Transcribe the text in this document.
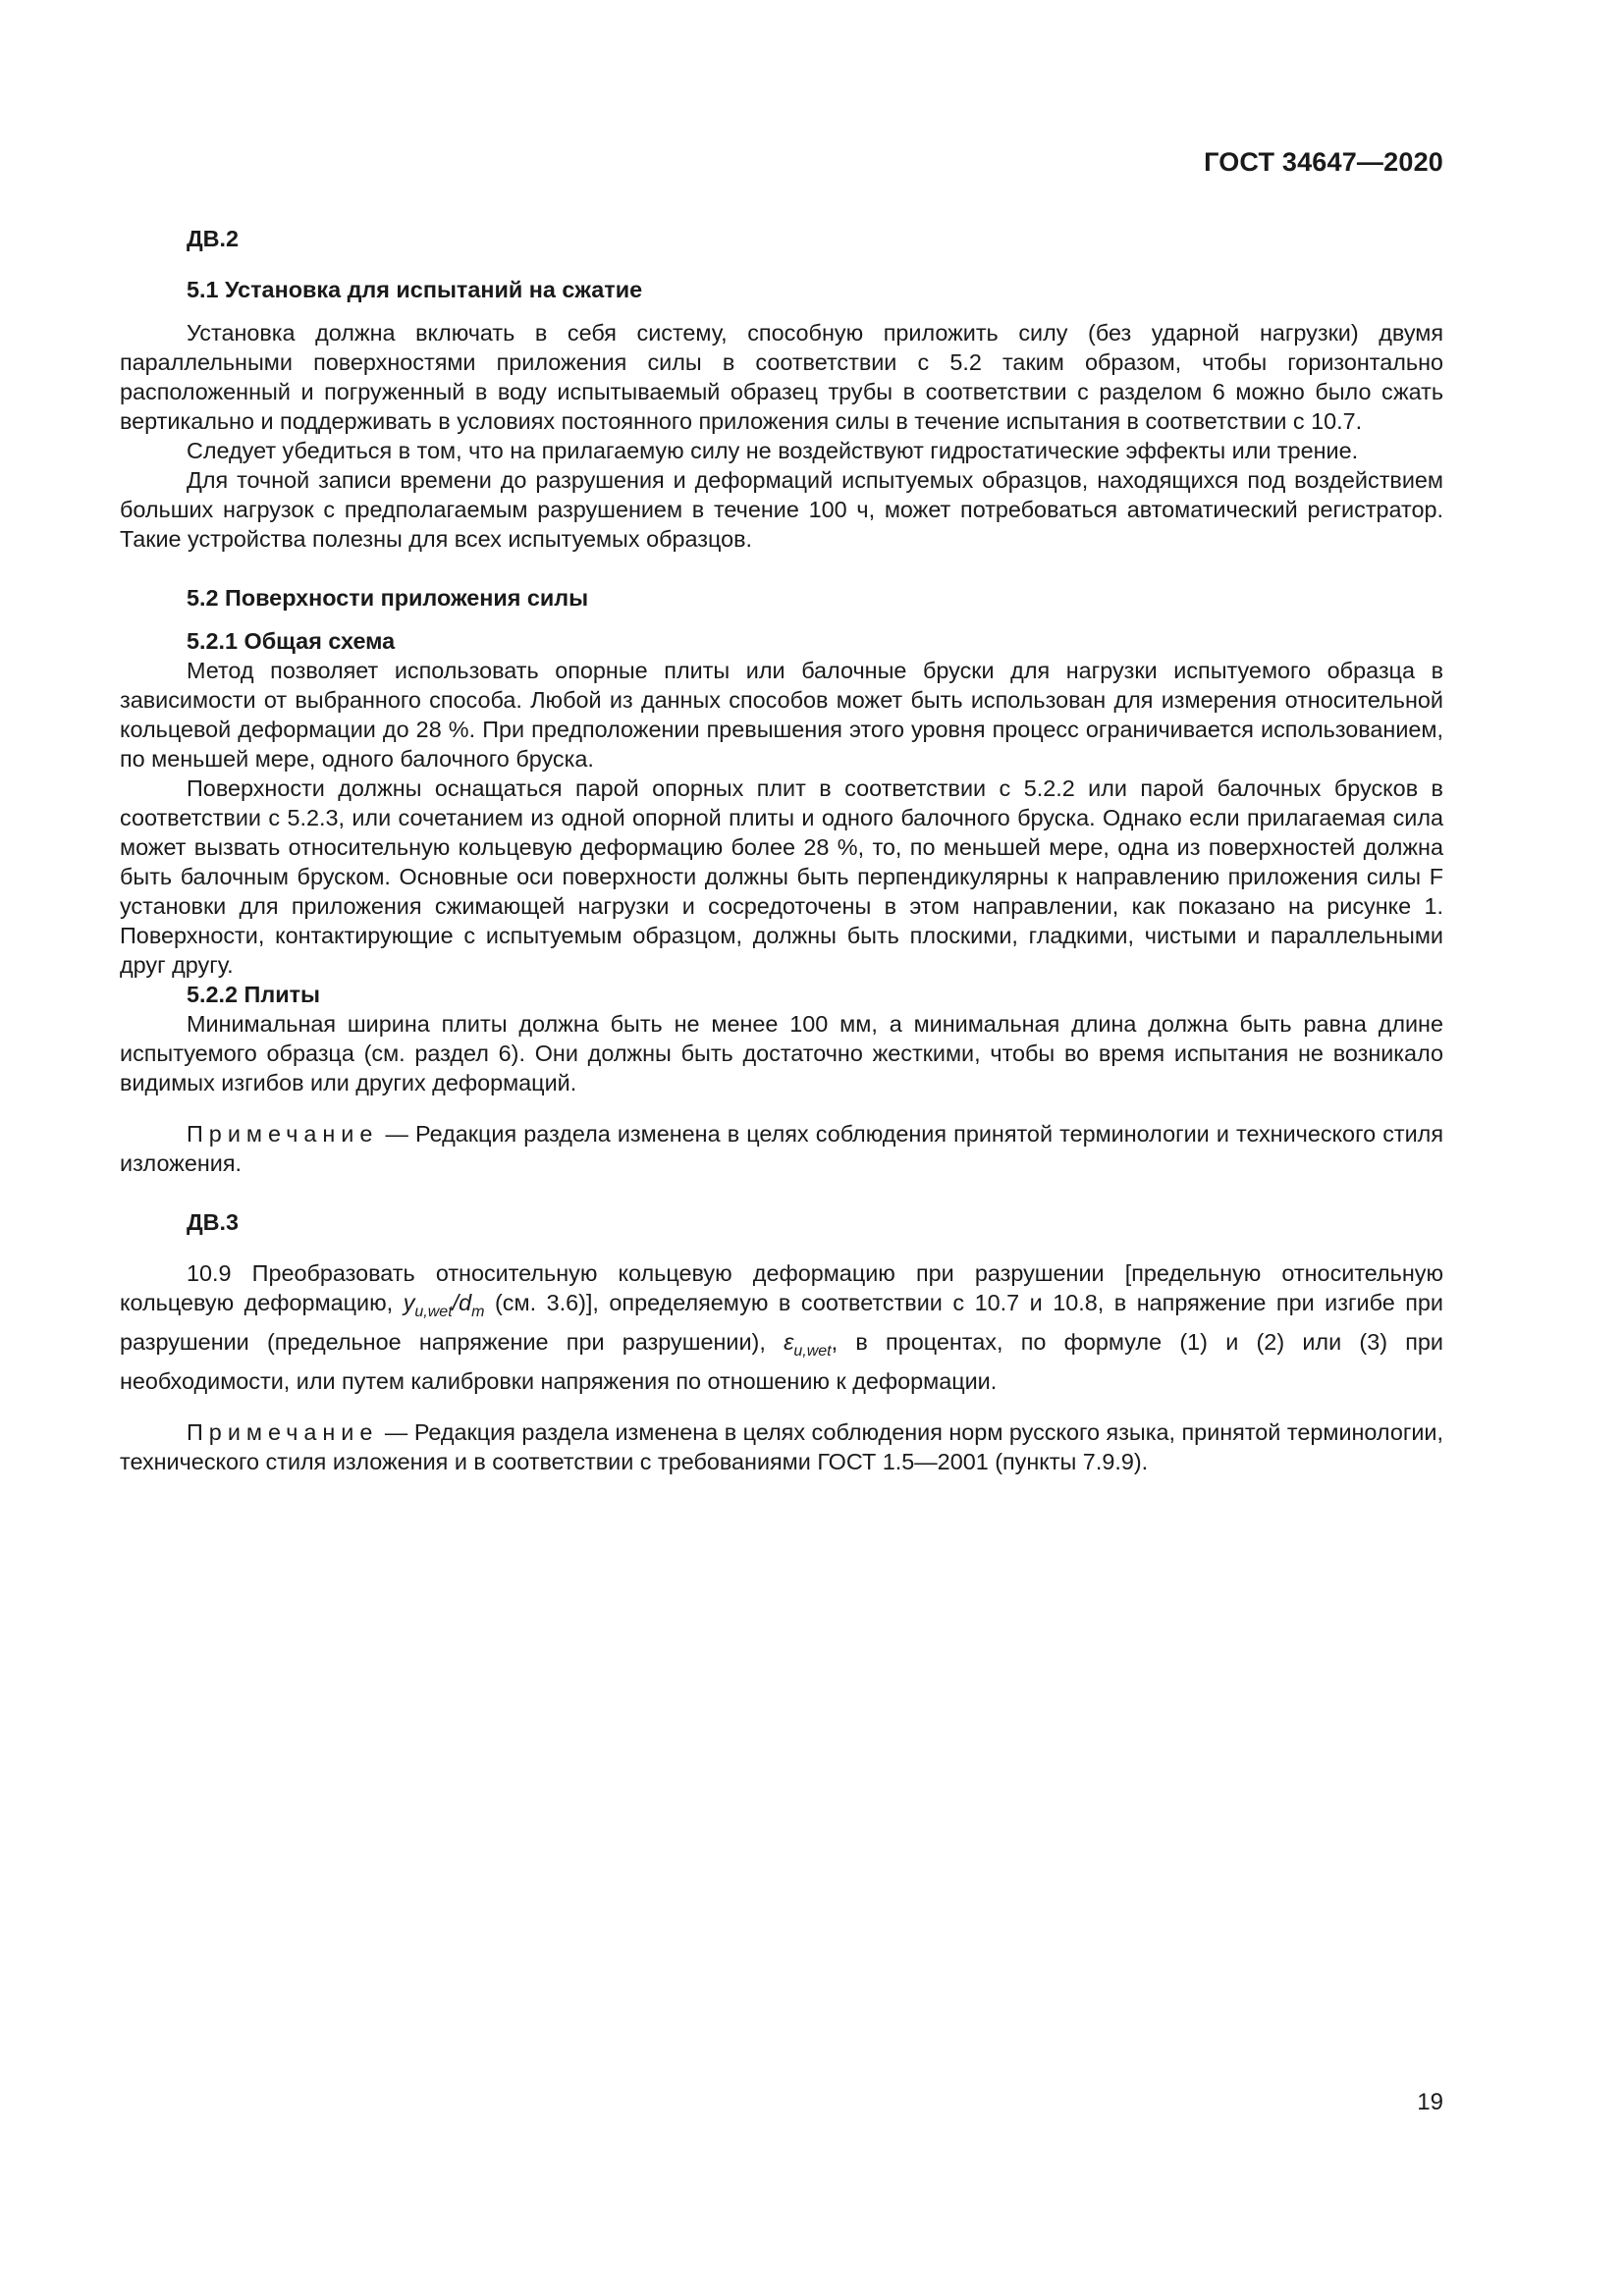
ГОСТ 34647—2020

ДВ.2

5.1 Установка для испытаний на сжатие

Установка должна включать в себя систему, способную приложить силу (без ударной нагрузки) двумя параллельными поверхностями приложения силы в соответствии с 5.2 таким образом, чтобы горизонтально расположенный и погруженный в воду испытываемый образец трубы в соответствии с разделом 6 можно было сжать вертикально и поддерживать в условиях постоянного приложения силы в течение испытания в соответствии с 10.7.

Следует убедиться в том, что на прилагаемую силу не воздействуют гидростатические эффекты или трение.

Для точной записи времени до разрушения и деформаций испытуемых образцов, находящихся под воздействием больших нагрузок с предполагаемым разрушением в течение 100 ч, может потребоваться автоматический регистратор. Такие устройства полезны для всех испытуемых образцов.

5.2 Поверхности приложения силы

5.2.1 Общая схема

Метод позволяет использовать опорные плиты или балочные бруски для нагрузки испытуемого образца в зависимости от выбранного способа. Любой из данных способов может быть использован для измерения относительной кольцевой деформации до 28 %. При предположении превышения этого уровня процесс ограничивается использованием, по меньшей мере, одного балочного бруска.

Поверхности должны оснащаться парой опорных плит в соответствии с 5.2.2 или парой балочных брусков в соответствии с 5.2.3, или сочетанием из одной опорной плиты и одного балочного бруска. Однако если прилагаемая сила может вызвать относительную кольцевую деформацию более 28 %, то, по меньшей мере, одна из поверхностей должна быть балочным бруском. Основные оси поверхности должны быть перпендикулярны к направлению приложения силы F установки для приложения сжимающей нагрузки и сосредоточены в этом направлении, как показано на рисунке 1. Поверхности, контактирующие с испытуемым образцом, должны быть плоскими, гладкими, чистыми и параллельными друг другу.

5.2.2 Плиты

Минимальная ширина плиты должна быть не менее 100 мм, а минимальная длина должна быть равна длине испытуемого образца (см. раздел 6). Они должны быть достаточно жесткими, чтобы во время испытания не возникало видимых изгибов или других деформаций.

Примечание — Редакция раздела изменена в целях соблюдения принятой терминологии и технического стиля изложения.

ДВ.3

10.9 Преобразовать относительную кольцевую деформацию при разрушении [предельную относительную кольцевую деформацию, $y_{u,wet}/d_m$ (см. 3.6)], определяемую в соответствии с 10.7 и 10.8, в напряжение при изгибе при разрушении (предельное напряжение при разрушении), $\varepsilon_{u,wet}$, в процентах, по формуле (1) и (2) или (3) при необходимости, или путем калибровки напряжения по отношению к деформации.

Примечание — Редакция раздела изменена в целях соблюдения норм русского языка, принятой терминологии, технического стиля изложения и в соответствии с требованиями ГОСТ 1.5—2001 (пункты 7.9.9).

19
